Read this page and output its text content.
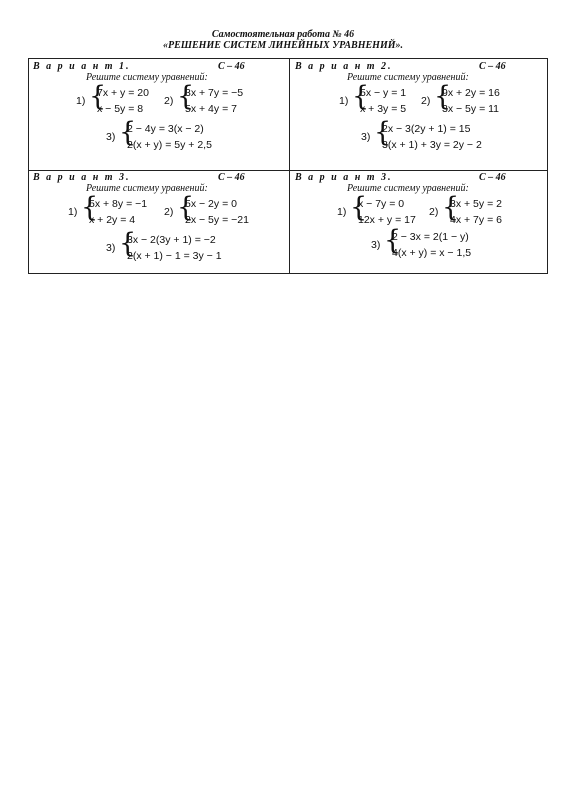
Самостоятельная работа № 46
«РЕШЕНИЕ СИСТЕМ ЛИНЕЙНЫХ УРАВНЕНИЙ».
В а р и а н т 1.	С – 46
Решите систему уравнений:
1) {
7x + y = 20
x − 5y = 8
2) {
3x + 7y = −5
5x + 4y = 7
3) {
2 − 4y = 3(x − 2)
2(x + y) = 5y + 2,5
В а р и а н т 2.	С – 46
Решите систему уравнений:
1) {
5x − y = 1
x + 3y = 5
2) {
9x + 2y = 16
3x − 5y = 11
3) {
2x − 3(2y + 1) = 15
3(x + 1) + 3y = 2y − 2
В а р и а н т 3.	С – 46
Решите систему уравнений:
1) {
5x + 8y = −1
x + 2y = 4
2) {
5x − 2y = 0
2x − 5y = −21
3) {
3x − 2(3y + 1) = −2
2(x + 1) − 1 = 3y − 1
В а р и а н т 3.	С – 46
Решите систему уравнений:
1) {
x − 7y = 0
12x + y = 17
2) {
3x + 5y = 2
4x + 7y = 6
3) {
2 − 3x = 2(1 − y)
4(x + y) = x − 1,5
